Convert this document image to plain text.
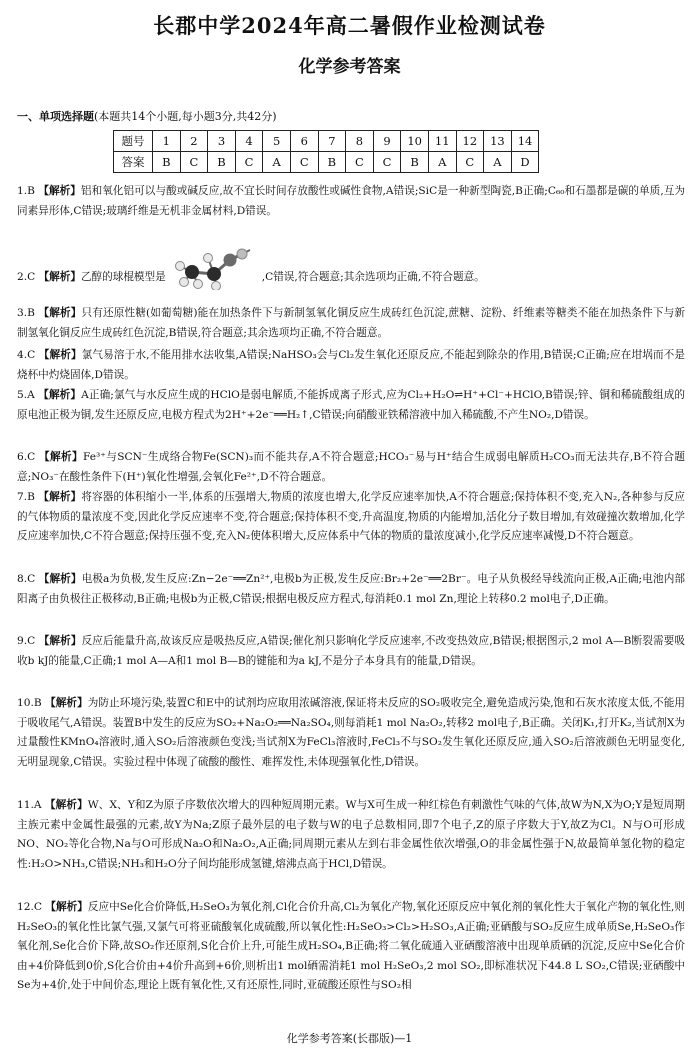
长郡中学2024年高二暑假作业检测试卷
化学参考答案
一、单项选择题(本题共14个小题,每小题3分,共42分)
题号	1	2	3	4	5	6	7	8	9	10	11	12	13	14
答案	B	C	B	C	A	C	B	C	C	B	A	C	A	D
1.B 【解析】铝和氧化铝可以与酸或碱反应,故不宜长时间存放酸性或碱性食物,A错误;SiC是一种新型陶瓷,B正确;C₆₀和石墨都是碳的单质,互为同素异形体,C错误;玻璃纤维是无机非金属材料,D错误。
2.C 【解析】乙醇的球棍模型是	,C错误,符合题意;其余选项均正确,不符合题意。
3.B 【解析】只有还原性糖(如葡萄糖)能在加热条件下与新制氢氧化铜反应生成砖红色沉淀,蔗糖、淀粉、纤维素等糖类不能在加热条件下与新制氢氧化铜反应生成砖红色沉淀,B错误,符合题意;其余选项均正确,不符合题意。
4.C 【解析】氯气易溶于水,不能用排水法收集,A错误;NaHSO₃会与Cl₂发生氧化还原反应,不能起到除杂的作用,B错误;C正确;应在坩埚而不是烧杯中灼烧固体,D错误。
5.A 【解析】A正确;氯气与水反应生成的HClO是弱电解质,不能拆成离子形式,应为Cl₂+H₂O⇌H⁺+Cl⁻+HClO,B错误;锌、铜和稀硫酸组成的原电池正极为铜,发生还原反应,电极方程式为2H⁺+2e⁻══H₂↑,C错误;向硝酸亚铁稀溶液中加入稀硫酸,不产生NO₂,D错误。
6.C 【解析】Fe³⁺与SCN⁻生成络合物Fe(SCN)₃而不能共存,A不符合题意;HCO₃⁻易与H⁺结合生成弱电解质H₂CO₃而无法共存,B不符合题意;NO₃⁻在酸性条件下(H⁺)氧化性增强,会氧化Fe²⁺,D不符合题意。
7.B 【解析】将容器的体积缩小一半,体系的压强增大,物质的浓度也增大,化学反应速率加快,A不符合题意;保持体积不变,充入N₂,各种参与反应的气体物质的量浓度不变,因此化学反应速率不变,符合题意;保持体积不变,升高温度,物质的内能增加,活化分子数目增加,有效碰撞次数增加,化学反应速率加快,C不符合题意;保持压强不变,充入N₂使体积增大,反应体系中气体的物质的量浓度减小,化学反应速率减慢,D不符合题意。
8.C 【解析】电极a为负极,发生反应:Zn−2e⁻══Zn²⁺,电极b为正极,发生反应:Br₂+2e⁻══2Br⁻。电子从负极经导线流向正极,A正确;电池内部阳离子由负极往正极移动,B正确;电极b为正极,C错误;根据电极反应方程式,每消耗0.1 mol Zn,理论上转移0.2 mol电子,D正确。
9.C 【解析】反应后能量升高,故该反应是吸热反应,A错误;催化剂只影响化学反应速率,不改变热效应,B错误;根据图示,2 mol A—B断裂需要吸收b kJ的能量,C正确;1 mol A—A和1 mol B—B的键能和为a kJ,不是分子本身具有的能量,D错误。
10.B 【解析】为防止环境污染,装置C和E中的试剂均应取用浓碱溶液,保证将未反应的SO₂吸收完全,避免造成污染,饱和石灰水浓度太低,不能用于吸收尾气,A错误。装置B中发生的反应为SO₂+Na₂O₂══Na₂SO₄,则每消耗1 mol Na₂O₂,转移2 mol电子,B正确。关闭K₁,打开K₂,当试剂X为过量酸性KMnO₄溶液时,通入SO₂后溶液颜色变浅;当试剂X为FeCl₃溶液时,FeCl₃不与SO₂发生氧化还原反应,通入SO₂后溶液颜色无明显变化,无明显现象,C错误。实验过程中体现了硫酸的酸性、难挥发性,未体现强氧化性,D错误。
11.A 【解析】W、X、Y和Z为原子序数依次增大的四种短周期元素。W与X可生成一种红棕色有刺激性气味的气体,故W为N,X为O;Y是短周期主族元素中金属性最强的元素,故Y为Na;Z原子最外层的电子数与W的电子总数相同,即7个电子,Z的原子序数大于Y,故Z为Cl。N与O可形成NO、NO₂等化合物,Na与O可形成Na₂O和Na₂O₂,A正确;同周期元素从左到右非金属性依次增强,O的非金属性强于N,故最简单氢化物的稳定性:H₂O>NH₃,C错误;NH₃和H₂O分子间均能形成氢键,熔沸点高于HCl,D错误。
12.C 【解析】反应中Se化合价降低,H₂SeO₃为氧化剂,Cl化合价升高,Cl₂为氧化产物,氧化还原反应中氧化剂的氧化性大于氧化产物的氧化性,则H₂SeO₃的氧化性比氯气强,又氯气可将亚硫酸氧化成硫酸,所以氧化性:H₂SeO₃>Cl₂>H₂SO₃,A正确;亚硒酸与SO₂反应生成单质Se,H₂SeO₃作氧化剂,Se化合价下降,故SO₂作还原剂,S化合价上升,可能生成H₂SO₄,B正确;将二氧化硫通入亚硒酸溶液中出现单质硒的沉淀,反应中Se化合价由+4价降低到0价,S化合价由+4价升高到+6价,则析出1 mol硒需消耗1 mol H₂SeO₃,2 mol SO₂,即标准状况下44.8 L SO₂,C错误;亚硒酸中Se为+4价,处于中间价态,理论上既有氧化性,又有还原性,同时,亚硫酸还原性与SO₂相
化学参考答案(长郡版)—1
